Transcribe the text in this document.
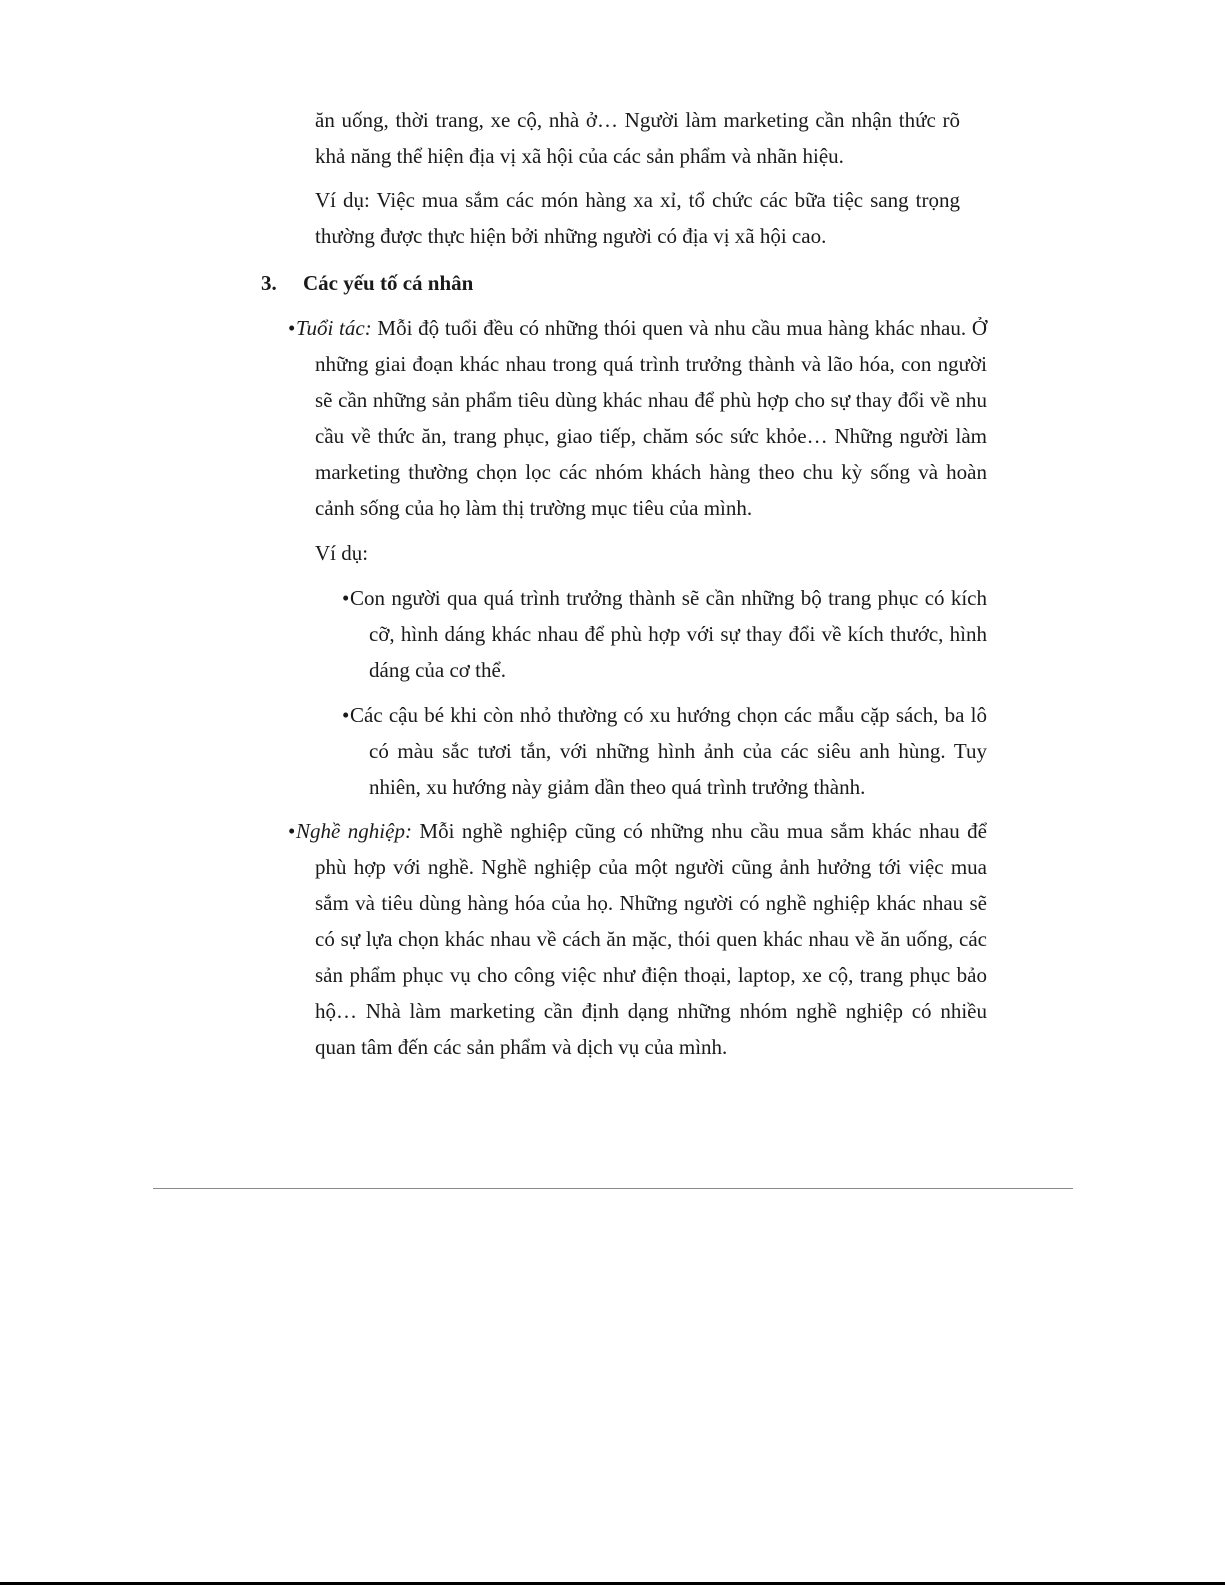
ăn uống, thời trang, xe cộ, nhà ở… Người làm marketing cần nhận thức rõ khả năng thể hiện địa vị xã hội của các sản phẩm và nhãn hiệu.

Ví dụ: Việc mua sắm các món hàng xa xỉ, tổ chức các bữa tiệc sang trọng thường được thực hiện bởi những người có địa vị xã hội cao.

3. Các yếu tố cá nhân

•Tuổi tác: Mỗi độ tuổi đều có những thói quen và nhu cầu mua hàng khác nhau. Ở những giai đoạn khác nhau trong quá trình trưởng thành và lão hóa, con người sẽ cần những sản phẩm tiêu dùng khác nhau để phù hợp cho sự thay đổi về nhu cầu về thức ăn, trang phục, giao tiếp, chăm sóc sức khỏe… Những người làm marketing thường chọn lọc các nhóm khách hàng theo chu kỳ sống và hoàn cảnh sống của họ làm thị trường mục tiêu của mình.

Ví dụ:

•Con người qua quá trình trưởng thành sẽ cần những bộ trang phục có kích cỡ, hình dáng khác nhau để phù hợp với sự thay đổi về kích thước, hình dáng của cơ thể.

•Các cậu bé khi còn nhỏ thường có xu hướng chọn các mẫu cặp sách, ba lô có màu sắc tươi tắn, với những hình ảnh của các siêu anh hùng. Tuy nhiên, xu hướng này giảm dần theo quá trình trưởng thành.

•Nghề nghiệp: Mỗi nghề nghiệp cũng có những nhu cầu mua sắm khác nhau để phù hợp với nghề. Nghề nghiệp của một người cũng ảnh hưởng tới việc mua sắm và tiêu dùng hàng hóa của họ. Những người có nghề nghiệp khác nhau sẽ có sự lựa chọn khác nhau về cách ăn mặc, thói quen khác nhau về ăn uống, các sản phẩm phục vụ cho công việc như điện thoại, laptop, xe cộ, trang phục bảo hộ… Nhà làm marketing cần định dạng những nhóm nghề nghiệp có nhiều quan tâm đến các sản phẩm và dịch vụ của mình.
